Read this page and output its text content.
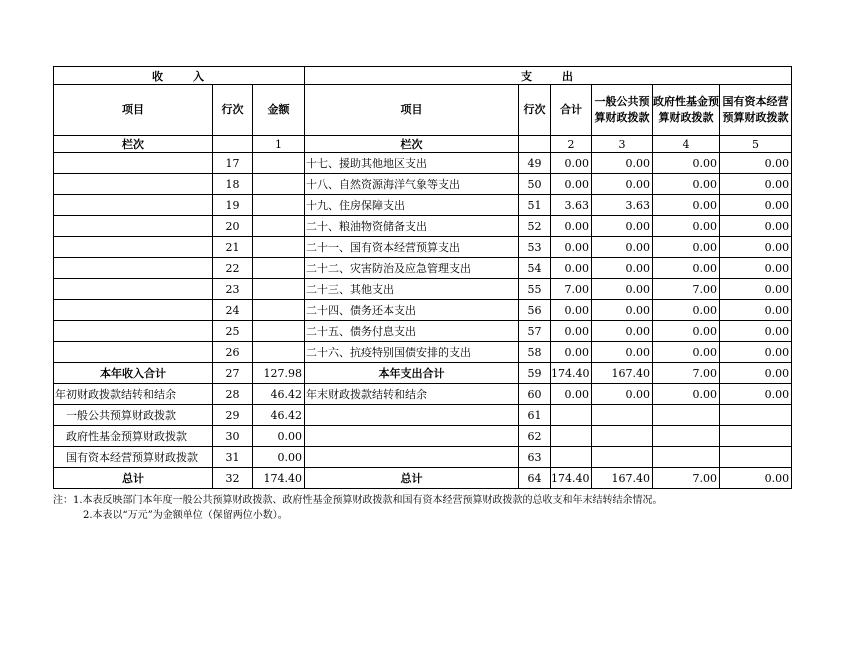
收 入			支 出					
项目	行次	金额	项目	行次	合计	一般公共预算财政拨款	政府性基金预算财政拨款	国有资本经营预算财政拨款
栏次		1	栏次		2	3	4	5
	17		十七、援助其他地区支出	49	0.00	0.00	0.00	0.00
	18		十八、自然资源海洋气象等支出	50	0.00	0.00	0.00	0.00
	19		十九、住房保障支出	51	3.63	3.63	0.00	0.00
	20		二十、粮油物资储备支出	52	0.00	0.00	0.00	0.00
	21		二十一、国有资本经营预算支出	53	0.00	0.00	0.00	0.00
	22		二十二、灾害防治及应急管理支出	54	0.00	0.00	0.00	0.00
	23		二十三、其他支出	55	7.00	0.00	7.00	0.00
	24		二十四、债务还本支出	56	0.00	0.00	0.00	0.00
	25		二十五、债务付息支出	57	0.00	0.00	0.00	0.00
	26		二十六、抗疫特别国债安排的支出	58	0.00	0.00	0.00	0.00
本年收入合计	27	127.98	本年支出合计	59	174.40	167.40	7.00	0.00
年初财政拨款结转和结余	28	46.42	年末财政拨款结转和结余	60	0.00	0.00	0.00	0.00
一般公共预算财政拨款	29	46.42		61				
政府性基金预算财政拨款	30	0.00		62				
国有资本经营预算财政拨款	31	0.00		63				
总计	32	174.40	总计	64	174.40	167.40	7.00	0.00
注：1.本表反映部门本年度一般公共预算财政拨款、政府性基金预算财政拨款和国有资本经营预算财政拨款的总收支和年末结转结余情况。
2.本表以“万元”为金额单位（保留两位小数）。
